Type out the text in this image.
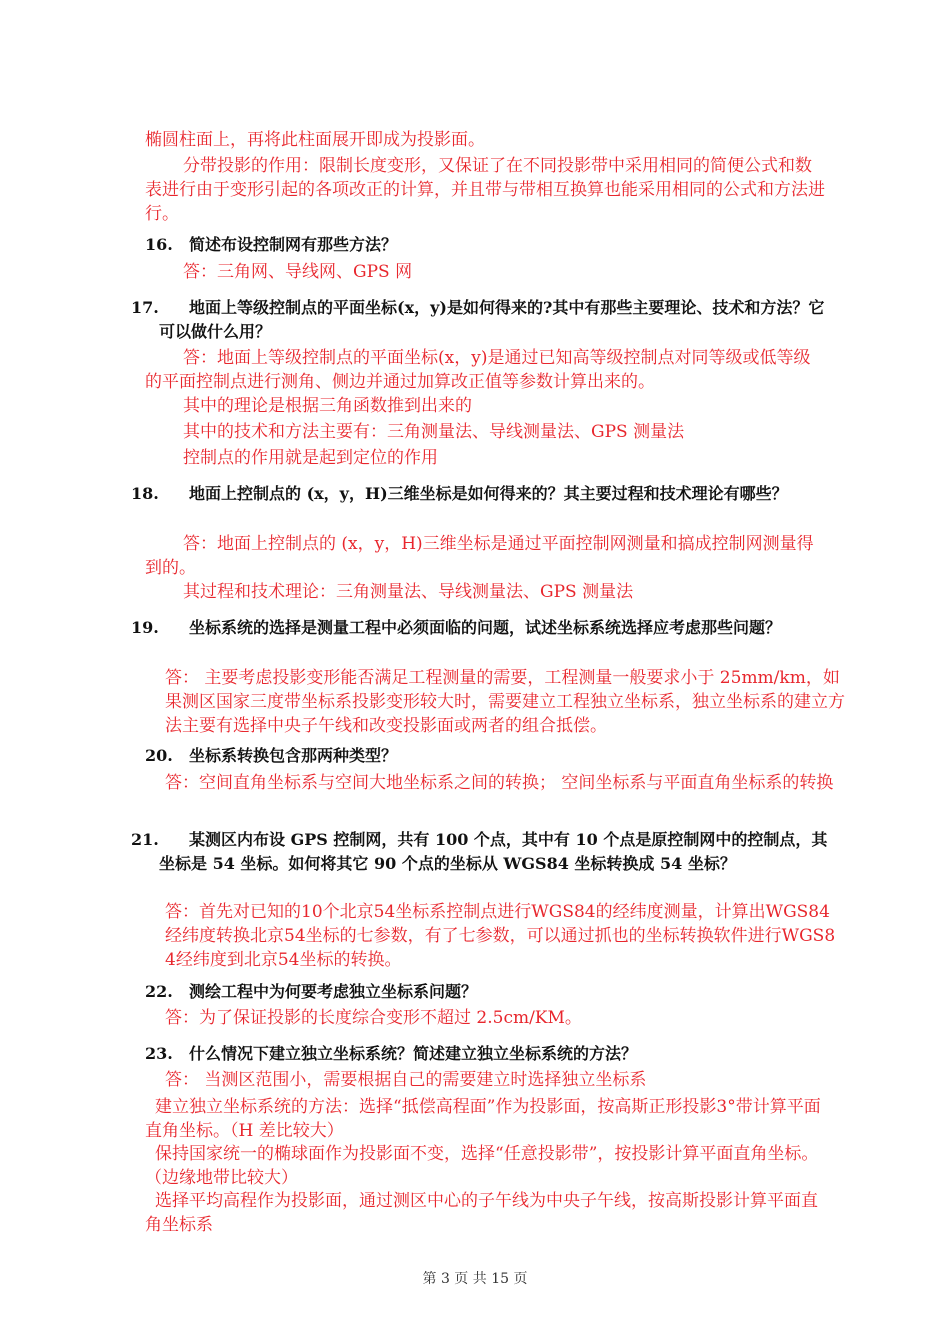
椭圆柱面上，再将此柱面展开即成为投影面。

分带投影的作用：限制长度变形，又保证了在不同投影带中采用相同的简便公式和数表进行由于变形引起的各项改正的计算，并且带与带相互换算也能采用相同的公式和方法进行。

16. 简述布设控制网有那些方法？

答：三角网、导线网、GPS 网

17. 地面上等级控制点的平面坐标(x，y)是如何得来的?其中有那些主要理论、技术和方法？它可以做什么用？

答：地面上等级控制点的平面坐标(x，y)是通过已知高等级控制点对同等级或低等级的平面控制点进行测角、侧边并通过加算改正值等参数计算出来的。

其中的理论是根据三角函数推到出来的

其中的技术和方法主要有：三角测量法、导线测量法、GPS 测量法

控制点的作用就是起到定位的作用

18. 地面上控制点的 (x，y，H)三维坐标是如何得来的？其主要过程和技术理论有哪些？

答：地面上控制点的 (x，y，H)三维坐标是通过平面控制网测量和搞成控制网测量得到的。

其过程和技术理论：三角测量法、导线测量法、GPS 测量法

19. 坐标系统的选择是测量工程中必须面临的问题，试述坐标系统选择应考虑那些问题？

答： 主要考虑投影变形能否满足工程测量的需要，工程测量一般要求小于 25mm/km，如果测区国家三度带坐标系投影变形较大时，需要建立工程独立坐标系，独立坐标系的建立方法主要有选择中央子午线和改变投影面或两者的组合抵偿。

20. 坐标系转换包含那两种类型？

答：空间直角坐标系与空间大地坐标系之间的转换； 空间坐标系与平面直角坐标系的转换

21. 某测区内布设 GPS 控制网，共有 100 个点，其中有 10 个点是原控制网中的控制点，其坐标是 54 坐标。如何将其它 90 个点的坐标从 WGS84 坐标转换成 54 坐标？

答：首先对已知的10个北京54坐标系控制点进行WGS84的经纬度测量，计算出WGS84经纬度转换北京54坐标的七参数，有了七参数，可以通过抓也的坐标转换软件进行WGS84经纬度到北京54坐标的转换。

22. 测绘工程中为何要考虑独立坐标系问题？

答：为了保证投影的长度综合变形不超过 2.5cm/KM。

23. 什么情况下建立独立坐标系统？简述建立独立坐标系统的方法？

答： 当测区范围小，需要根据自己的需要建立时选择独立坐标系

建立独立坐标系统的方法：选择“抵偿高程面”作为投影面，按高斯正形投影3°带计算平面直角坐标。（H 差比较大）

保持国家统一的椭球面作为投影面不变，选择“任意投影带”，按投影计算平面直角坐标。（边缘地带比较大）

选择平均高程作为投影面，通过测区中心的子午线为中央子午线，按高斯投影计算平面直角坐标系

第 3 页 共 15 页
